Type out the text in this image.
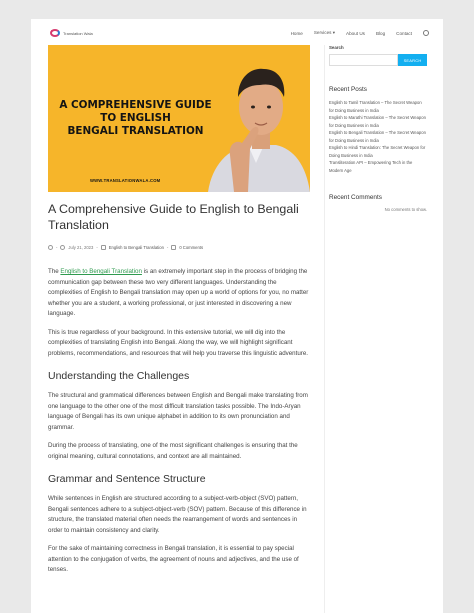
Translation Wala	Home Services ▾ About Us Blog Contact
A COMPREHENSIVE GUIDE
TO ENGLISH
BENGALI TRANSLATION
WWW.TRANSLATIONWALA.COM
A Comprehensive Guide to English to Bengali Translation
-	July 21, 2023 -	English to Bengali Translation -	0 Comments

The English to Bengali Translation is an extremely important step in the process of bridging the communication gap between these two very different languages. Understanding the complexities of English to Bengali translation may open up a world of options for you, no matter whether you are a student, a working professional, or just interested in discovering a new language.

This is true regardless of your background. In this extensive tutorial, we will dig into the complexities of translating English into Bengali. Along the way, we will highlight significant problems, recommendations, and resources that will help you traverse this linguistic adventure.

Understanding the Challenges

The structural and grammatical differences between English and Bengali make translating from one language to the other one of the most difficult translation tasks possible. The Indo-Aryan language of Bengali has its own unique alphabet in addition to its own pronunciation and grammar.

During the process of translating, one of the most significant challenges is ensuring that the original meaning, cultural connotations, and context are all maintained.

Grammar and Sentence Structure

While sentences in English are structured according to a subject-verb-object (SVO) pattern, Bengali sentences adhere to a subject-object-verb (SOV) pattern. Because of this difference in structure, the translated material often needs the rearrangement of words and sentences in order to maintain consistency and clarity.

For the sake of maintaining correctness in Bengali translation, it is essential to pay special attention to the conjugation of verbs, the agreement of nouns and adjectives, and the use of tenses.

Search
SEARCH
Recent Posts
English to Tamil Translation – The Secret Weapon for Doing Business in India
English to Marathi Translation – The Secret Weapon for Doing Business in India
English to Bengali Translation – The Secret Weapon for Doing Business in India
English to Hindi Translation: The Secret Weapon for Doing Business in India
Transliteration API – Empowering Tech in the Modern Age
Recent Comments
No comments to show.
